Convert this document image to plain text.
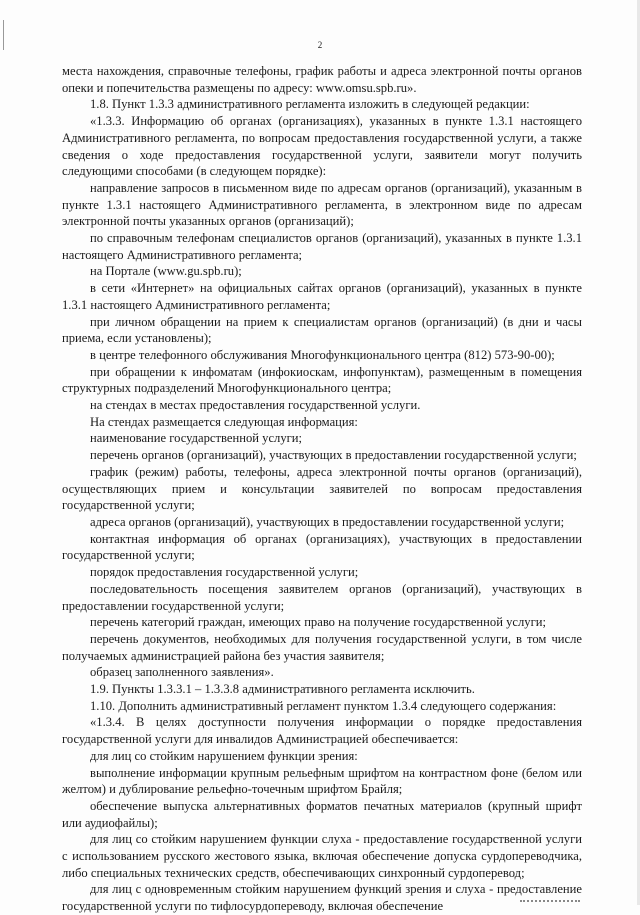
2

места нахождения, справочные телефоны, график работы и адреса электронной почты органов опеки и попечительства размещены по адресу: www.omsu.spb.ru».

1.8. Пункт 1.3.3 административного регламента изложить в следующей редакции:

«1.3.3. Информацию об органах (организациях), указанных в пункте 1.3.1 настоящего Административного регламента, по вопросам предоставления государственной услуги, а также сведения о ходе предоставления государственной услуги, заявители могут получить следующими способами (в следующем порядке):

направление запросов в письменном виде по адресам органов (организаций), указанным в пункте 1.3.1 настоящего Административного регламента, в электронном виде по адресам электронной почты указанных органов (организаций);

по справочным телефонам специалистов органов (организаций), указанных в пункте 1.3.1 настоящего Административного регламента;

на Портале (www.gu.spb.ru);

в сети «Интернет» на официальных сайтах органов (организаций), указанных в пункте 1.3.1 настоящего Административного регламента;

при личном обращении на прием к специалистам органов (организаций) (в дни и часы приема, если установлены);

в центре телефонного обслуживания Многофункционального центра (812) 573-90-00);

при обращении к инфоматам (инфокиоскам, инфопунктам), размещенным в помещения структурных подразделений Многофункционального центра;

на стендах в местах предоставления государственной услуги.

На стендах размещается следующая информация:

наименование государственной услуги;

перечень органов (организаций), участвующих в предоставлении государственной услуги;

график (режим) работы, телефоны, адреса электронной почты органов (организаций), осуществляющих прием и консультации заявителей по вопросам предоставления государственной услуги;

адреса органов (организаций), участвующих в предоставлении государственной услуги;

контактная информация об органах (организациях), участвующих в предоставлении государственной услуги;

порядок предоставления государственной услуги;

последовательность посещения заявителем органов (организаций), участвующих в предоставлении государственной услуги;

перечень категорий граждан, имеющих право на получение государственной услуги;

перечень документов, необходимых для получения государственной услуги, в том числе получаемых администрацией района без участия заявителя;

образец заполненного заявления».

1.9. Пункты 1.3.3.1 – 1.3.3.8 административного регламента исключить.

1.10. Дополнить административный регламент пунктом 1.3.4 следующего содержания:

«1.3.4. В целях доступности получения информации о порядке предоставления государственной услуги для инвалидов Администрацией обеспечивается:

для лиц со стойким нарушением функции зрения:

выполнение информации крупным рельефным шрифтом на контрастном фоне (белом или желтом) и дублирование рельефно-точечным шрифтом Брайля;

обеспечение выпуска альтернативных форматов печатных материалов (крупный шрифт или аудиофайлы);

для лиц со стойким нарушением функции слуха - предоставление государственной услуги с использованием русского жестового языка, включая обеспечение допуска сурдопереводчика, либо специальных технических средств, обеспечивающих синхронный сурдоперевод;

для лиц с одновременным стойким нарушением функций зрения и слуха - предоставление государственной услуги по тифлосурдопереводу, включая обеспечение
